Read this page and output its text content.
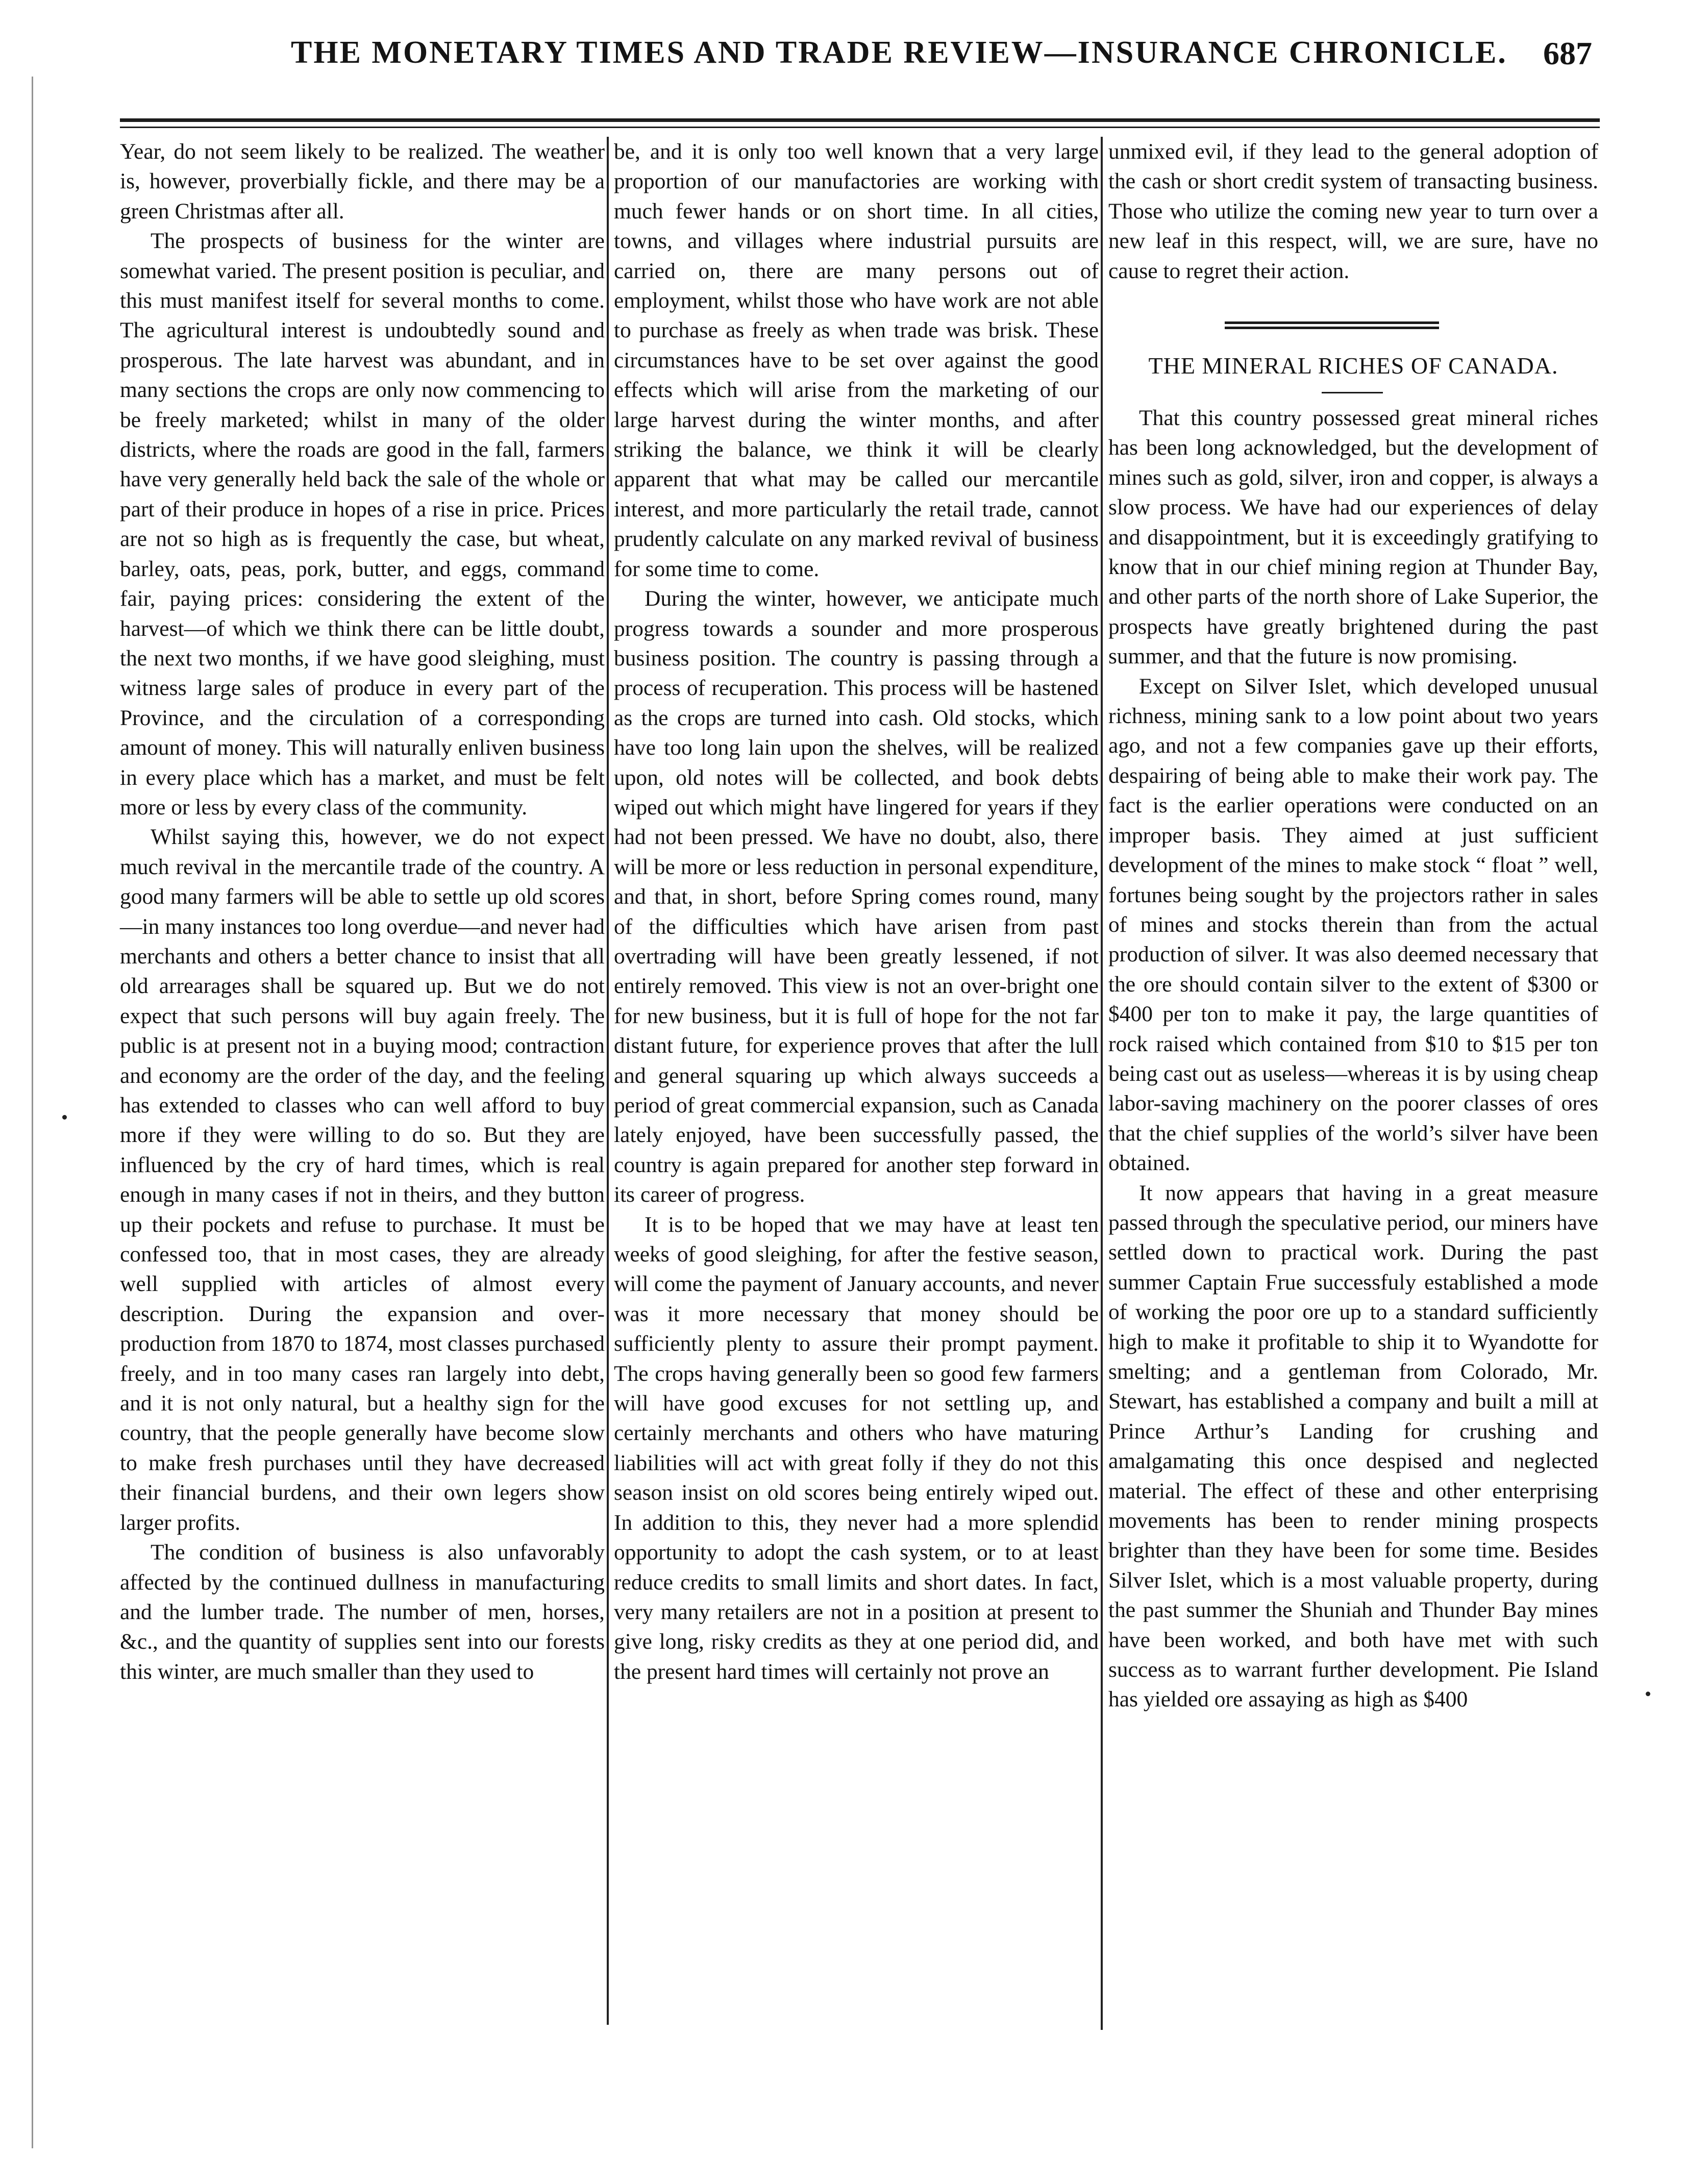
THE MONETARY TIMES AND TRADE REVIEW—INSURANCE CHRONICLE. 687

Year, do not seem likely to be realized. The weather is, however, proverbially fickle, and there may be a green Christmas after all.

The prospects of business for the winter are somewhat varied. The present position is peculiar, and this must manifest itself for several months to come. The agricultural interest is undoubtedly sound and prosperous. The late harvest was abundant, and in many sections the crops are only now commencing to be freely marketed; whilst in many of the older districts, where the roads are good in the fall, farmers have very generally held back the sale of the whole or part of their produce in hopes of a rise in price. Prices are not so high as is frequently the case, but wheat, barley, oats, peas, pork, butter, and eggs, command fair, paying prices: considering the extent of the harvest—of which we think there can be little doubt, the next two months, if we have good sleighing, must witness large sales of produce in every part of the Province, and the circulation of a corresponding amount of money. This will naturally enliven business in every place which has a market, and must be felt more or less by every class of the community.

Whilst saying this, however, we do not expect much revival in the mercantile trade of the country. A good many farmers will be able to settle up old scores—in many instances too long overdue—and never had merchants and others a better chance to insist that all old arrearages shall be squared up. But we do not expect that such persons will buy again freely. The public is at present not in a buying mood; contraction and economy are the order of the day, and the feeling has extended to classes who can well afford to buy more if they were willing to do so. But they are influenced by the cry of hard times, which is real enough in many cases if not in theirs, and they button up their pockets and refuse to purchase. It must be confessed too, that in most cases, they are already well supplied with articles of almost every description. During the expansion and over-production from 1870 to 1874, most classes purchased freely, and in too many cases ran largely into debt, and it is not only natural, but a healthy sign for the country, that the people generally have become slow to make fresh purchases until they have decreased their financial burdens, and their own legers show larger profits.

The condition of business is also unfavorably affected by the continued dullness in manufacturing and the lumber trade. The number of men, horses, &c., and the quantity of supplies sent into our forests this winter, are much smaller than they used to

be, and it is only too well known that a very large proportion of our manufactories are working with much fewer hands or on short time. In all cities, towns, and villages where industrial pursuits are carried on, there are many persons out of employment, whilst those who have work are not able to purchase as freely as when trade was brisk. These circumstances have to be set over against the good effects which will arise from the marketing of our large harvest during the winter months, and after striking the balance, we think it will be clearly apparent that what may be called our mercantile interest, and more particularly the retail trade, cannot prudently calculate on any marked revival of business for some time to come.

During the winter, however, we anticipate much progress towards a sounder and more prosperous business position. The country is passing through a process of recuperation. This process will be hastened as the crops are turned into cash. Old stocks, which have too long lain upon the shelves, will be realized upon, old notes will be collected, and book debts wiped out which might have lingered for years if they had not been pressed. We have no doubt, also, there will be more or less reduction in personal expenditure, and that, in short, before Spring comes round, many of the difficulties which have arisen from past overtrading will have been greatly lessened, if not entirely removed. This view is not an over-bright one for new business, but it is full of hope for the not far distant future, for experience proves that after the lull and general squaring up which always succeeds a period of great commercial expansion, such as Canada lately enjoyed, have been successfully passed, the country is again prepared for another step forward in its career of progress.

It is to be hoped that we may have at least ten weeks of good sleighing, for after the festive season, will come the payment of January accounts, and never was it more necessary that money should be sufficiently plenty to assure their prompt payment. The crops having generally been so good few farmers will have good excuses for not settling up, and certainly merchants and others who have maturing liabilities will act with great folly if they do not this season insist on old scores being entirely wiped out. In addition to this, they never had a more splendid opportunity to adopt the cash system, or to at least reduce credits to small limits and short dates. In fact, very many retailers are not in a position at present to give long, risky credits as they at one period did, and the present hard times will certainly not prove an

unmixed evil, if they lead to the general adoption of the cash or short credit system of transacting business. Those who utilize the coming new year to turn over a new leaf in this respect, will, we are sure, have no cause to regret their action.

THE MINERAL RICHES OF CANADA.

That this country possessed great mineral riches has been long acknowledged, but the development of mines such as gold, silver, iron and copper, is always a slow process. We have had our experiences of delay and disappointment, but it is exceedingly gratifying to know that in our chief mining region at Thunder Bay, and other parts of the north shore of Lake Superior, the prospects have greatly brightened during the past summer, and that the future is now promising.

Except on Silver Islet, which developed unusual richness, mining sank to a low point about two years ago, and not a few companies gave up their efforts, despairing of being able to make their work pay. The fact is the earlier operations were conducted on an improper basis. They aimed at just sufficient development of the mines to make stock “ float ” well, fortunes being sought by the projectors rather in sales of mines and stocks therein than from the actual production of silver. It was also deemed necessary that the ore should contain silver to the extent of $300 or $400 per ton to make it pay, the large quantities of rock raised which contained from $10 to $15 per ton being cast out as useless—whereas it is by using cheap labor-saving machinery on the poorer classes of ores that the chief supplies of the world’s silver have been obtained.

It now appears that having in a great measure passed through the speculative period, our miners have settled down to practical work. During the past summer Captain Frue successfuly established a mode of working the poor ore up to a standard sufficiently high to make it profitable to ship it to Wyandotte for smelting; and a gentleman from Colorado, Mr. Stewart, has established a company and built a mill at Prince Arthur’s Landing for crushing and amalgamating this once despised and neglected material. The effect of these and other enterprising movements has been to render mining prospects brighter than they have been for some time. Besides Silver Islet, which is a most valuable property, during the past summer the Shuniah and Thunder Bay mines have been worked, and both have met with such success as to warrant further development. Pie Island has yielded ore assaying as high as $400
